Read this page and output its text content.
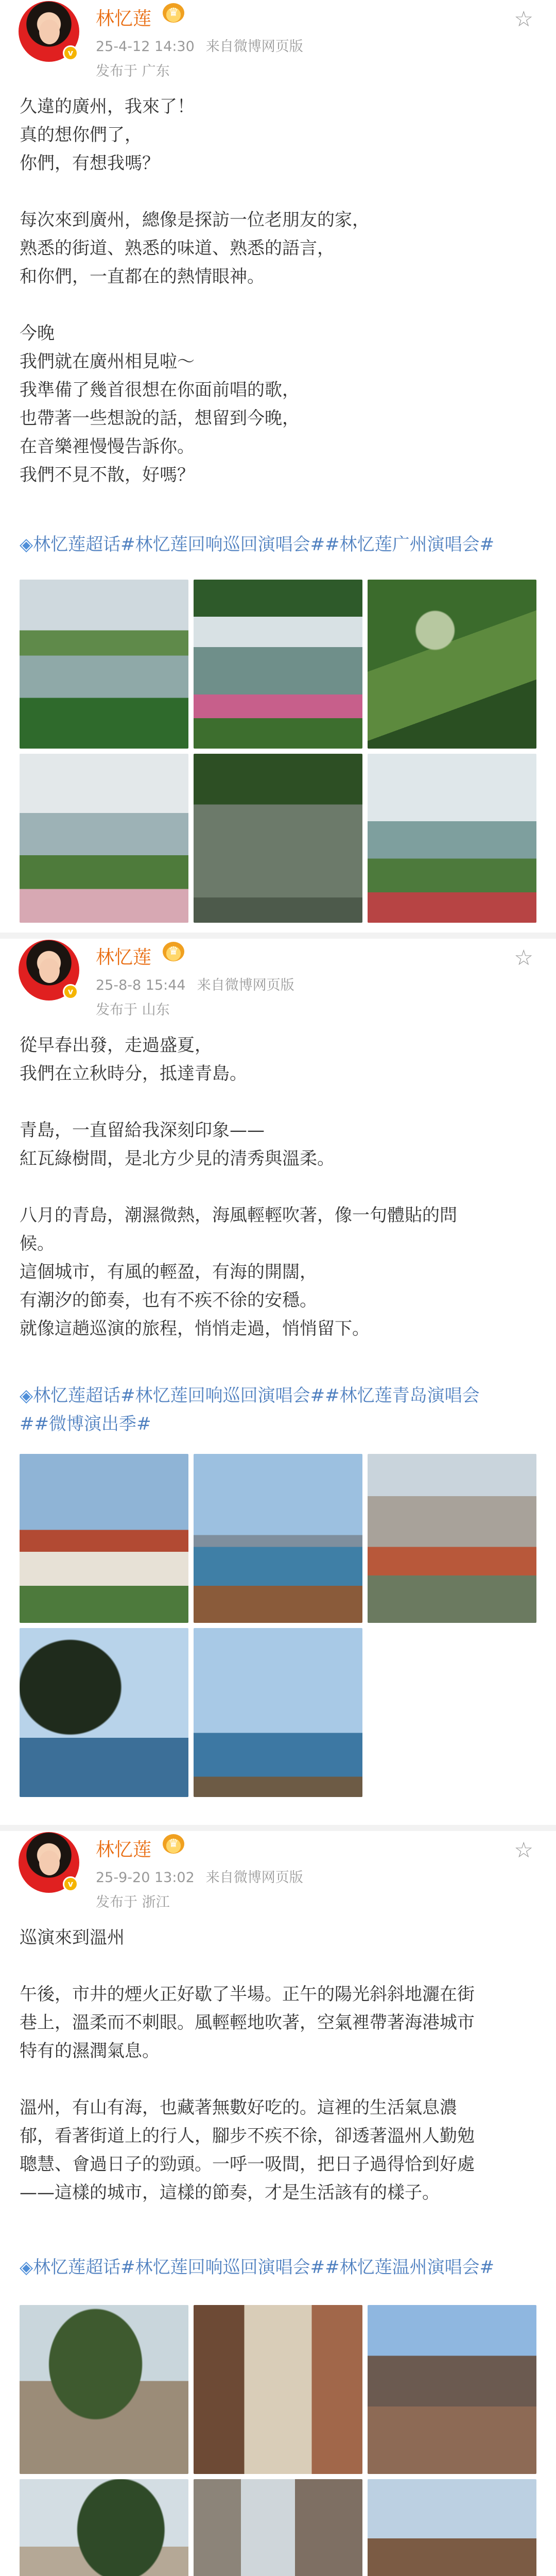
v
林忆莲	♛
25-4-12 14:30 来自微博网页版
发布于 广东
☆

久違的廣州，我來了！
真的想你們了，
你們，有想我嗎？

每次來到廣州，總像是探訪一位老朋友的家，
熟悉的街道、熟悉的味道、熟悉的語言，
和你們，一直都在的熱情眼神。

今晚
我們就在廣州相見啦～
我準備了幾首很想在你面前唱的歌，
也帶著一些想說的話，想留到今晚，
在音樂裡慢慢告訴你。
我們不見不散，好嗎？

◈林忆莲超话#林忆莲回响巡回演唱会##林忆莲广州演唱会#
v
林忆莲	♛
25-8-8 15:44 来自微博网页版
发布于 山东
☆

從早春出發，走過盛夏，
我們在立秋時分，抵達青島。

青島，一直留給我深刻印象——
紅瓦綠樹間，是北方少見的清秀與溫柔。

八月的青島，潮濕微熱，海風輕輕吹著，像一句體貼的問
候。
這個城市，有風的輕盈，有海的開闊，
有潮汐的節奏，也有不疾不徐的安穩。
就像這趟巡演的旅程，悄悄走過，悄悄留下。

◈林忆莲超话#林忆莲回响巡回演唱会##林忆莲青岛演唱会
##微博演出季#
v
林忆莲	♛
25-9-20 13:02 来自微博网页版
发布于 浙江
☆

巡演來到溫州

午後，市井的煙火正好歇了半場。正午的陽光斜斜地灑在街
巷上，溫柔而不刺眼。風輕輕地吹著，空氣裡帶著海港城市
特有的濕潤氣息。

溫州，有山有海，也藏著無數好吃的。這裡的生活氣息濃
郁，看著街道上的行人，腳步不疾不徐，卻透著溫州人勤勉
聰慧、會過日子的勁頭。一呼一吸間，把日子過得恰到好處
——這樣的城市，這樣的節奏，才是生活該有的樣子。

◈林忆莲超话#林忆莲回响巡回演唱会##林忆莲温州演唱会#
